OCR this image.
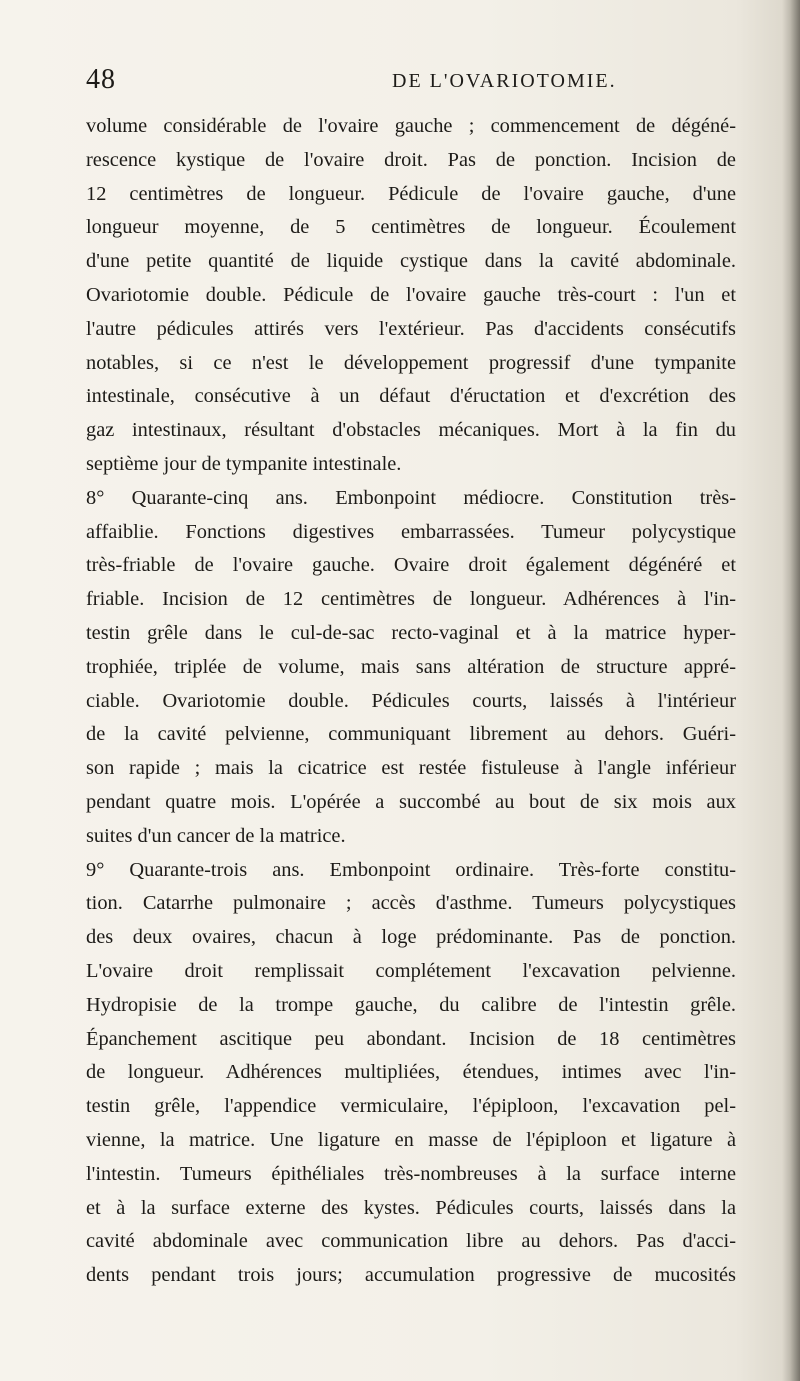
48	DE L'OVARIOTOMIE.
volume considérable de l'ovaire gauche ; commencement de dégéné-
rescence kystique de l'ovaire droit. Pas de ponction. Incision de
12 centimètres de longueur. Pédicule de l'ovaire gauche, d'une
longueur moyenne, de 5 centimètres de longueur. Écoulement
d'une petite quantité de liquide cystique dans la cavité abdominale.
Ovariotomie double. Pédicule de l'ovaire gauche très-court : l'un et
l'autre pédicules attirés vers l'extérieur. Pas d'accidents consécutifs
notables, si ce n'est le développement progressif d'une tympanite
intestinale, consécutive à un défaut d'éructation et d'excrétion des
gaz intestinaux, résultant d'obstacles mécaniques. Mort à la fin du
septième jour de tympanite intestinale.
8° Quarante-cinq ans. Embonpoint médiocre. Constitution très-
affaiblie. Fonctions digestives embarrassées. Tumeur polycystique
très-friable de l'ovaire gauche. Ovaire droit également dégénéré et
friable. Incision de 12 centimètres de longueur. Adhérences à l'in-
testin grêle dans le cul-de-sac recto-vaginal et à la matrice hyper-
trophiée, triplée de volume, mais sans altération de structure appré-
ciable. Ovariotomie double. Pédicules courts, laissés à l'intérieur
de la cavité pelvienne, communiquant librement au dehors. Guéri-
son rapide ; mais la cicatrice est restée fistuleuse à l'angle inférieur
pendant quatre mois. L'opérée a succombé au bout de six mois aux
suites d'un cancer de la matrice.
9° Quarante-trois ans. Embonpoint ordinaire. Très-forte constitu-
tion. Catarrhe pulmonaire ; accès d'asthme. Tumeurs polycystiques
des deux ovaires, chacun à loge prédominante. Pas de ponction.
L'ovaire droit remplissait complétement l'excavation pelvienne.
Hydropisie de la trompe gauche, du calibre de l'intestin grêle.
Épanchement ascitique peu abondant. Incision de 18 centimètres
de longueur. Adhérences multipliées, étendues, intimes avec l'in-
testin grêle, l'appendice vermiculaire, l'épiploon, l'excavation pel-
vienne, la matrice. Une ligature en masse de l'épiploon et ligature à
l'intestin. Tumeurs épithéliales très-nombreuses à la surface interne
et à la surface externe des kystes. Pédicules courts, laissés dans la
cavité abdominale avec communication libre au dehors. Pas d'acci-
dents pendant trois jours; accumulation progressive de mucosités
